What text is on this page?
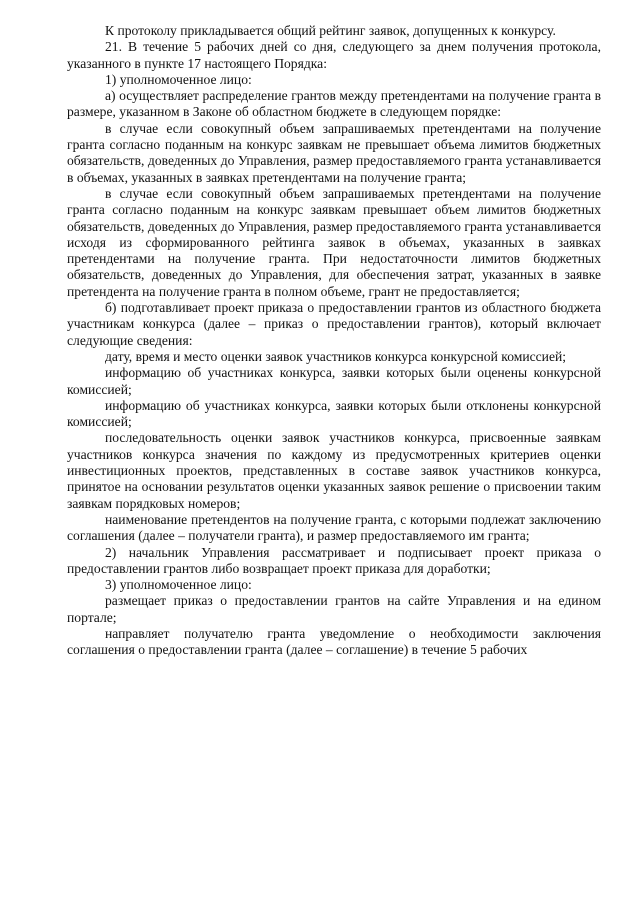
К протоколу прикладывается общий рейтинг заявок, допущенных к конкурсу.

21. В течение 5 рабочих дней со дня, следующего за днем получения протокола, указанного в пункте 17 настоящего Порядка:

1) уполномоченное лицо:

а) осуществляет распределение грантов между претендентами на получение гранта в размере, указанном в Законе об областном бюджете в следующем порядке:

в случае если совокупный объем запрашиваемых претендентами на получение гранта согласно поданным на конкурс заявкам не превышает объема лимитов бюджетных обязательств, доведенных до Управления, размер предоставляемого гранта устанавливается в объемах, указанных в заявках претендентами на получение гранта;

в случае если совокупный объем запрашиваемых претендентами на получение гранта согласно поданным на конкурс заявкам превышает объем лимитов бюджетных обязательств, доведенных до Управления, размер предоставляемого гранта устанавливается исходя из сформированного рейтинга заявок в объемах, указанных в заявках претендентами на получение гранта. При недостаточности лимитов бюджетных обязательств, доведенных до Управления, для обеспечения затрат, указанных в заявке претендента на получение гранта в полном объеме, грант не предоставляется;

б) подготавливает проект приказа о предоставлении грантов из областного бюджета участникам конкурса (далее – приказ о предоставлении грантов), который включает следующие сведения:

дату, время и место оценки заявок участников конкурса конкурсной комиссией;

информацию об участниках конкурса, заявки которых были оценены конкурсной комиссией;

информацию об участниках конкурса, заявки которых были отклонены конкурсной комиссией;

последовательность оценки заявок участников конкурса, присвоенные заявкам участников конкурса значения по каждому из предусмотренных критериев оценки инвестиционных проектов, представленных в составе заявок участников конкурса, принятое на основании результатов оценки указанных заявок решение о присвоении таким заявкам порядковых номеров;

наименование претендентов на получение гранта, с которыми подлежат заключению соглашения (далее – получатели гранта), и размер предоставляемого им гранта;

2) начальник Управления рассматривает и подписывает проект приказа о предоставлении грантов либо возвращает проект приказа для доработки;

3) уполномоченное лицо:

размещает приказ о предоставлении грантов на сайте Управления и на едином портале;

направляет получателю гранта уведомление о необходимости заключения соглашения о предоставлении гранта (далее – соглашение) в течение 5 рабочих
